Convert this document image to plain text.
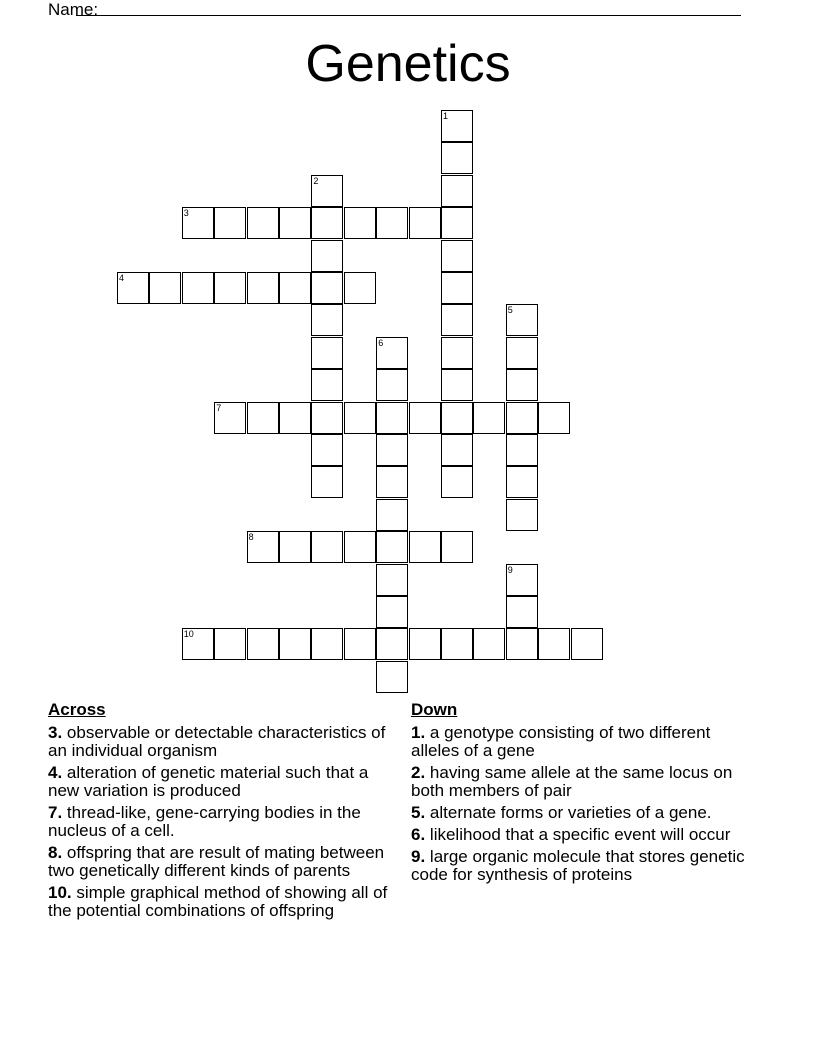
Name:
Genetics
1
2
3
4
5
6
7
8
9
10
Across
3. observable or detectable characteristics of an individual organism
4. alteration of genetic material such that a new variation is produced
7. thread-like, gene-carrying bodies in the nucleus of a cell.
8. offspring that are result of mating between two genetically different kinds of parents
10. simple graphical method of showing all of the potential combinations of offspring
Down
1. a genotype consisting of two different alleles of a gene
2. having same allele at the same locus on both members of pair
5. alternate forms or varieties of a gene.
6. likelihood that a specific event will occur
9. large organic molecule that stores genetic code for synthesis of proteins
